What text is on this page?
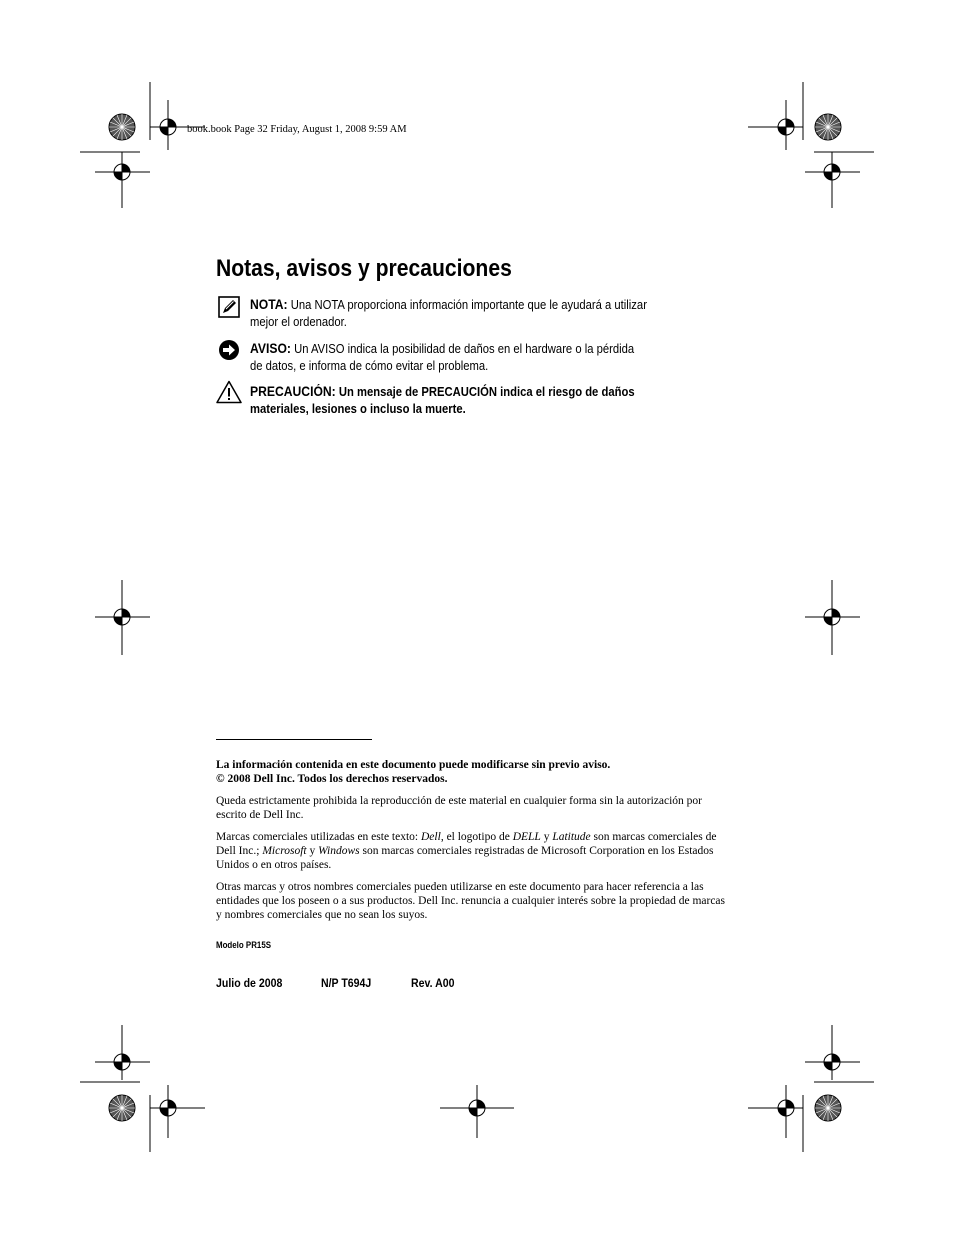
book.book Page 32 Friday, August 1, 2008 9:59 AM
Notas, avisos y precauciones
NOTA: Una NOTA proporciona información importante que le ayudará a utilizar
mejor el ordenador.
AVISO: Un AVISO indica la posibilidad de daños en el hardware o la pérdida
de datos, e informa de cómo evitar el problema.
PRECAUCIÓN: Un mensaje de PRECAUCIÓN indica el riesgo de daños
materiales, lesiones o incluso la muerte.

La información contenida en este documento puede modificarse sin previo aviso.
© 2008 Dell Inc. Todos los derechos reservados.

Queda estrictamente prohibida la reproducción de este material en cualquier forma sin la autorización por escrito de Dell Inc.

Marcas comerciales utilizadas en este texto: Dell, el logotipo de DELL y Latitude son marcas comerciales de Dell Inc.; Microsoft y Windows son marcas comerciales registradas de Microsoft Corporation en los Estados Unidos o en otros países.

Otras marcas y otros nombres comerciales pueden utilizarse en este documento para hacer referencia a las entidades que los poseen o a sus productos. Dell Inc. renuncia a cualquier interés sobre la propiedad de marcas y nombres comerciales que no sean los suyos.

Modelo PR15S
Julio de 2008	N/P T694J	Rev. A00
